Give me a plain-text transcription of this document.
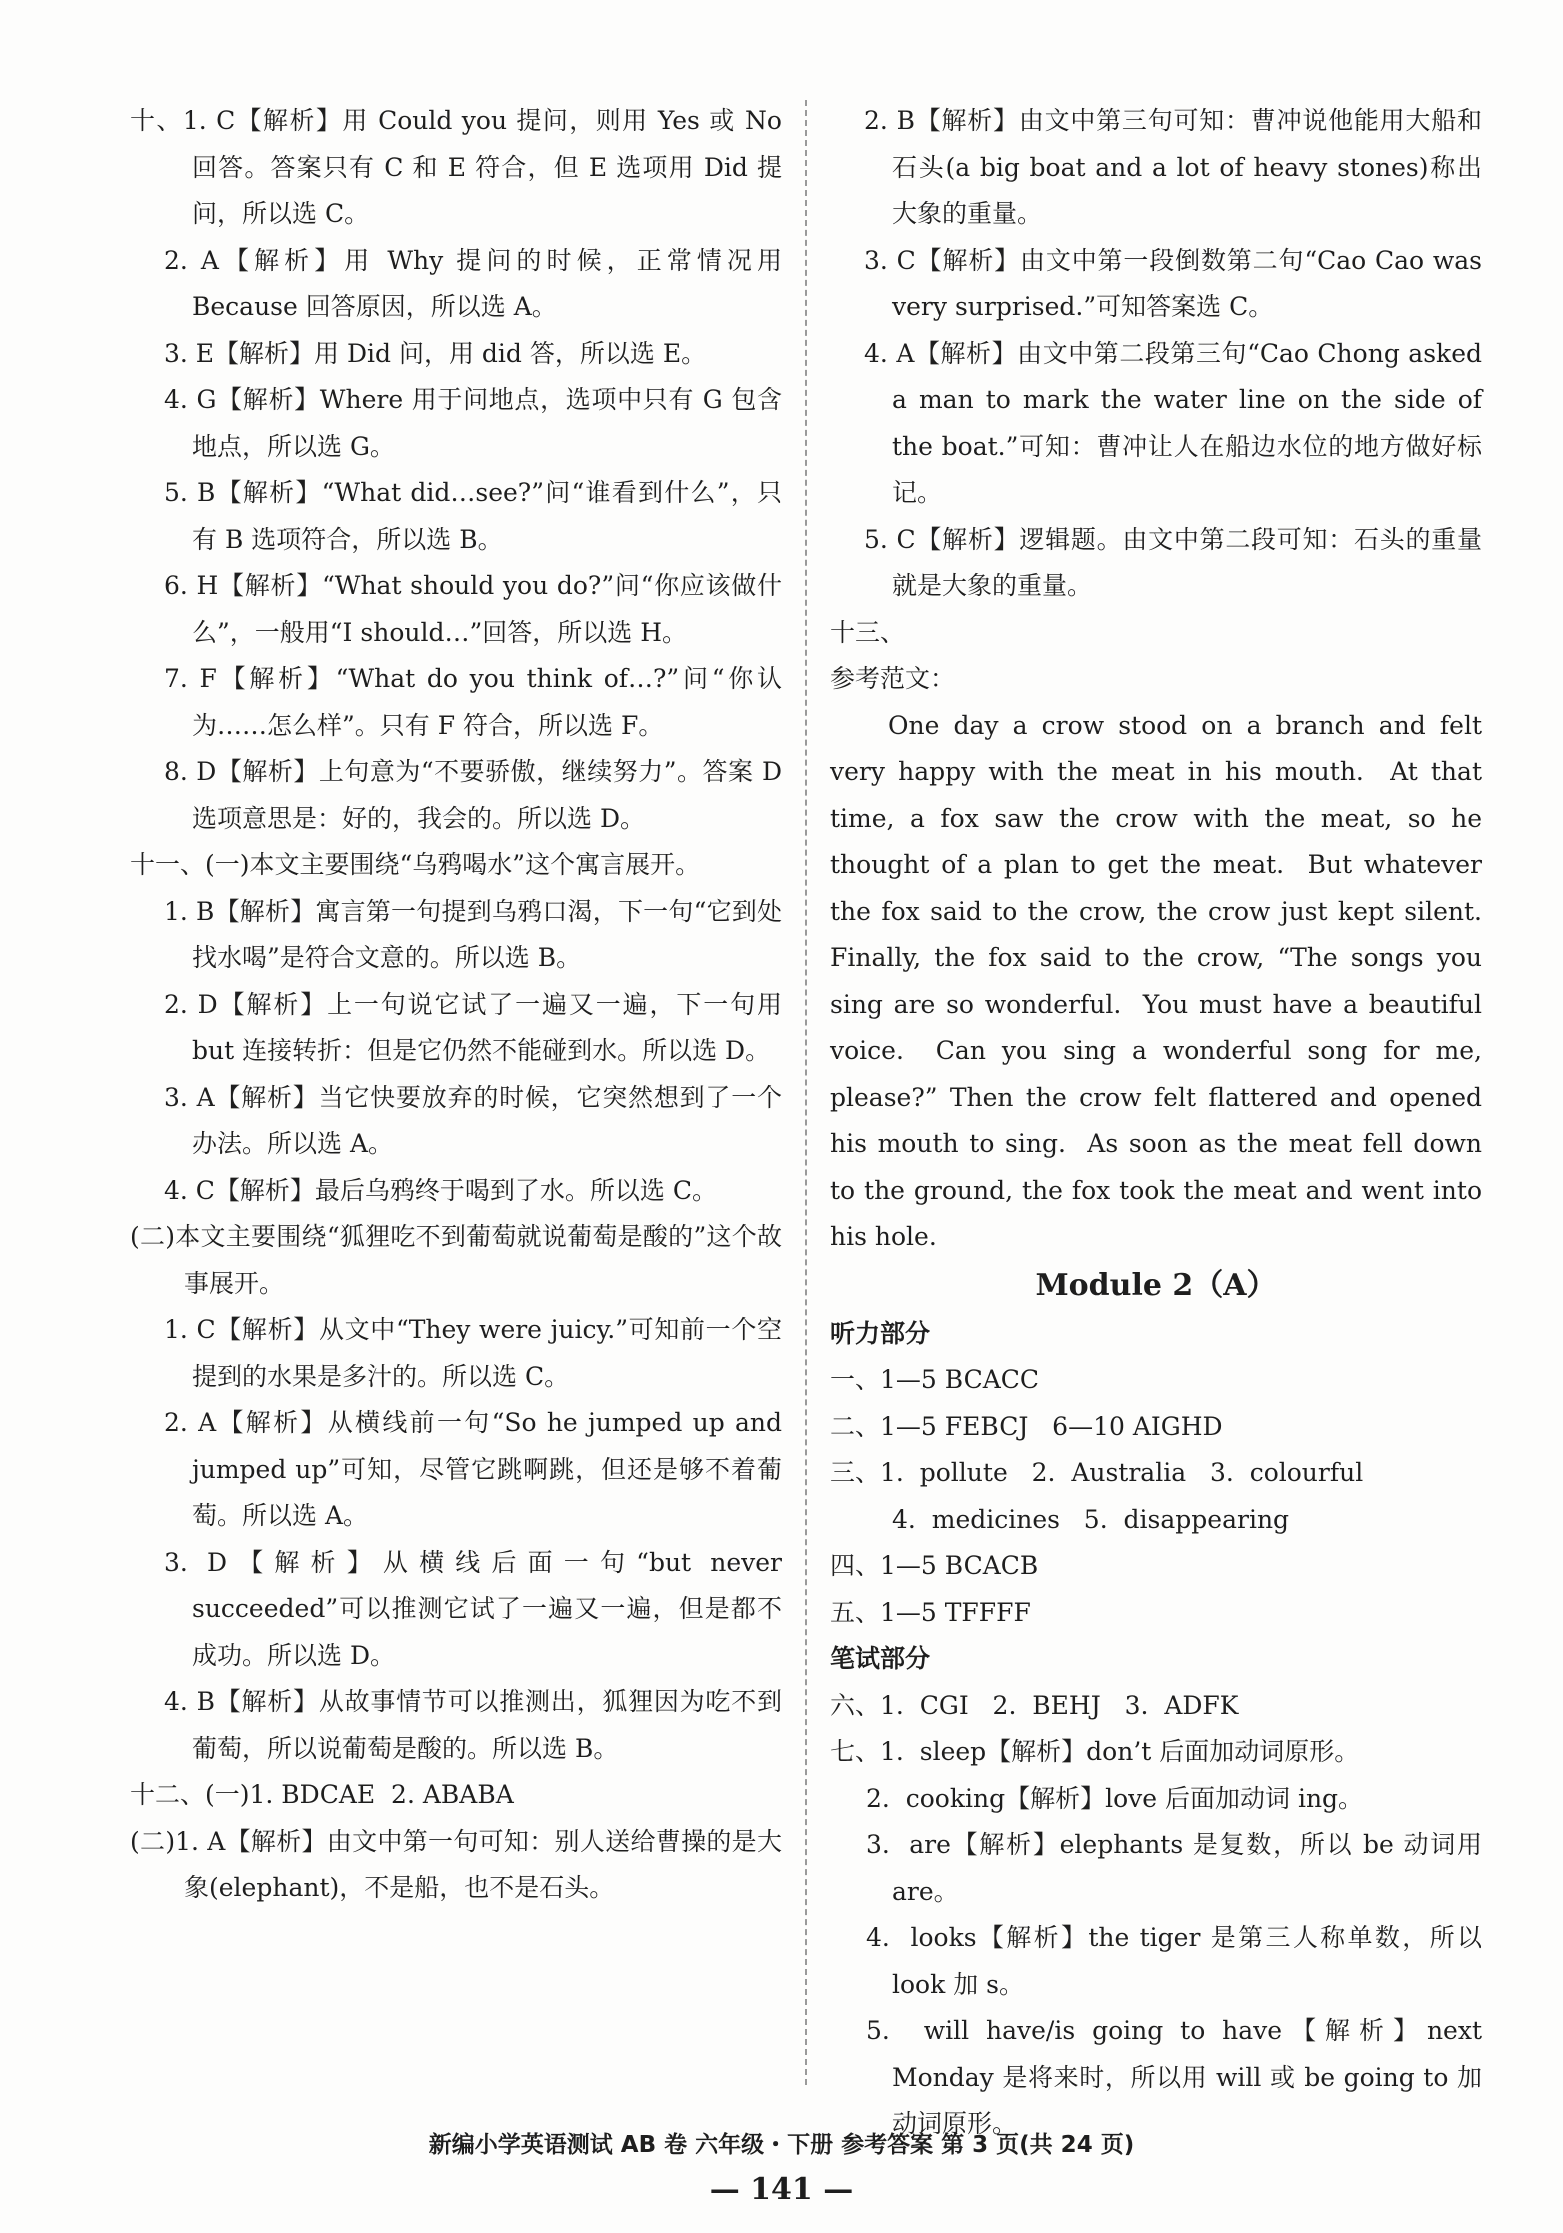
十、1. C【解析】用 Could you 提问，则用 Yes 或 No 回答。答案只有 C 和 E 符合，但 E 选项用 Did 提问，所以选 C。

2. A【解析】用 Why 提问的时候，正常情况用 Because 回答原因，所以选 A。

3. E【解析】用 Did 问，用 did 答，所以选 E。

4. G【解析】Where 用于问地点，选项中只有 G 包含地点，所以选 G。

5. B【解析】“What did…see?”问“谁看到什么”，只有 B 选项符合，所以选 B。

6. H【解析】“What should you do?”问“你应该做什么”，一般用“I should…”回答，所以选 H。

7. F【解析】“What do you think of…?”问“你认为……怎么样”。只有 F 符合，所以选 F。

8. D【解析】上句意为“不要骄傲，继续努力”。答案 D 选项意思是：好的，我会的。所以选 D。

十一、(一)本文主要围绕“乌鸦喝水”这个寓言展开。

1. B【解析】寓言第一句提到乌鸦口渴，下一句“它到处找水喝”是符合文意的。所以选 B。

2. D【解析】上一句说它试了一遍又一遍，下一句用 but 连接转折：但是它仍然不能碰到水。所以选 D。

3. A【解析】当它快要放弃的时候，它突然想到了一个办法。所以选 A。

4. C【解析】最后乌鸦终于喝到了水。所以选 C。

(二)本文主要围绕“狐狸吃不到葡萄就说葡萄是酸的”这个故事展开。

1. C【解析】从文中“They were juicy.”可知前一个空提到的水果是多汁的。所以选 C。

2. A【解析】从横线前一句“So he jumped up and jumped up”可知，尽管它跳啊跳，但还是够不着葡萄。所以选 A。

3. D【解析】从横线后面一句“but never succeeded”可以推测它试了一遍又一遍，但是都不成功。所以选 D。

4. B【解析】从故事情节可以推测出，狐狸因为吃不到葡萄，所以说葡萄是酸的。所以选 B。

十二、(一)1. BDCAE  2. ABABA

(二)1. A【解析】由文中第一句可知：别人送给曹操的是大象(elephant)，不是船，也不是石头。

2. B【解析】由文中第三句可知：曹冲说他能用大船和石头(a big boat and a lot of heavy stones)称出大象的重量。

3. C【解析】由文中第一段倒数第二句“Cao Cao was very surprised.”可知答案选 C。

4. A【解析】由文中第二段第三句“Cao Chong asked a man to mark the water line on the side of the boat.”可知：曹冲让人在船边水位的地方做好标记。

5. C【解析】逻辑题。由文中第二段可知：石头的重量就是大象的重量。

十三、

参考范文：

One day a crow stood on a branch and felt very happy with the meat in his mouth.  At that time, a fox saw the crow with the meat, so he thought of a plan to get the meat.  But whatever the fox said to the crow, the crow just kept silent.  Finally, the fox said to the crow, “The songs you sing are so wonderful.  You must have a beautiful voice.  Can you sing a wonderful song for me, please?” Then the crow felt flattered and opened his mouth to sing.  As soon as the meat fell down to the ground, the fox took the meat and went into his hole.

Module 2（A）

听力部分

一、1—5 BCACC

二、1—5 FEBCJ   6—10 AIGHD

三、1.  pollute   2.  Australia   3.  colourful

4.  medicines   5.  disappearing

四、1—5 BCACB

五、1—5 TFFFF

笔试部分

六、1.  CGI   2.  BEHJ   3.  ADFK

七、1.  sleep【解析】don’t 后面加动词原形。

2.  cooking【解析】love 后面加动词 ing。

3.  are【解析】elephants 是复数，所以 be 动词用 are。

4.  looks【解析】the tiger 是第三人称单数，所以 look 加 s。

5.  will have/is going to have【解析】next Monday 是将来时，所以用 will 或 be going to 加动词原形。

新编小学英语测试 AB 卷 六年级・下册 参考答案 第 3 页(共 24 页)
— 141 —
